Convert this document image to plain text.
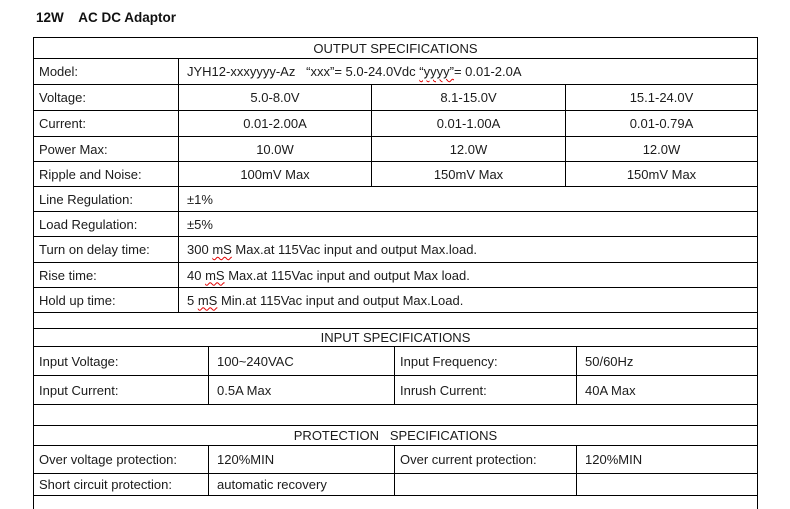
12W    AC DC Adaptor
OUTPUT SPECIFICATIONS
Model:	JYH12-xxxyyyy-Az   “xxx”= 5.0-24.0Vdc “yyyy” = 0.01-2.0A
Voltage:	5.0-8.0V	8.1-15.0V	15.1-24.0V
Current:	0.01-2.00A	0.01-1.00A	0.01-0.79A
Power Max:	10.0W	12.0W	12.0W
Ripple and Noise:	100mV Max	150mV Max	150mV Max
Line Regulation:	±1%
Load Regulation:	±5%
Turn on delay time:	300 mS Max.at 115Vac input and output Max.load.
Rise time:	40 mS Max.at 115Vac input and output Max load.
Hold up time:	5 mS Min.at 115Vac input and output Max.Load.
INPUT SPECIFICATIONS
Input Voltage:	100~240VAC	Input Frequency:	50/60Hz
Input Current:	0.5A Max	Inrush Current:	40A Max
PROTECTION   SPECIFICATIONS
Over voltage protection:	120%MIN	Over current protection:	120%MIN
Short circuit protection:	automatic recovery
